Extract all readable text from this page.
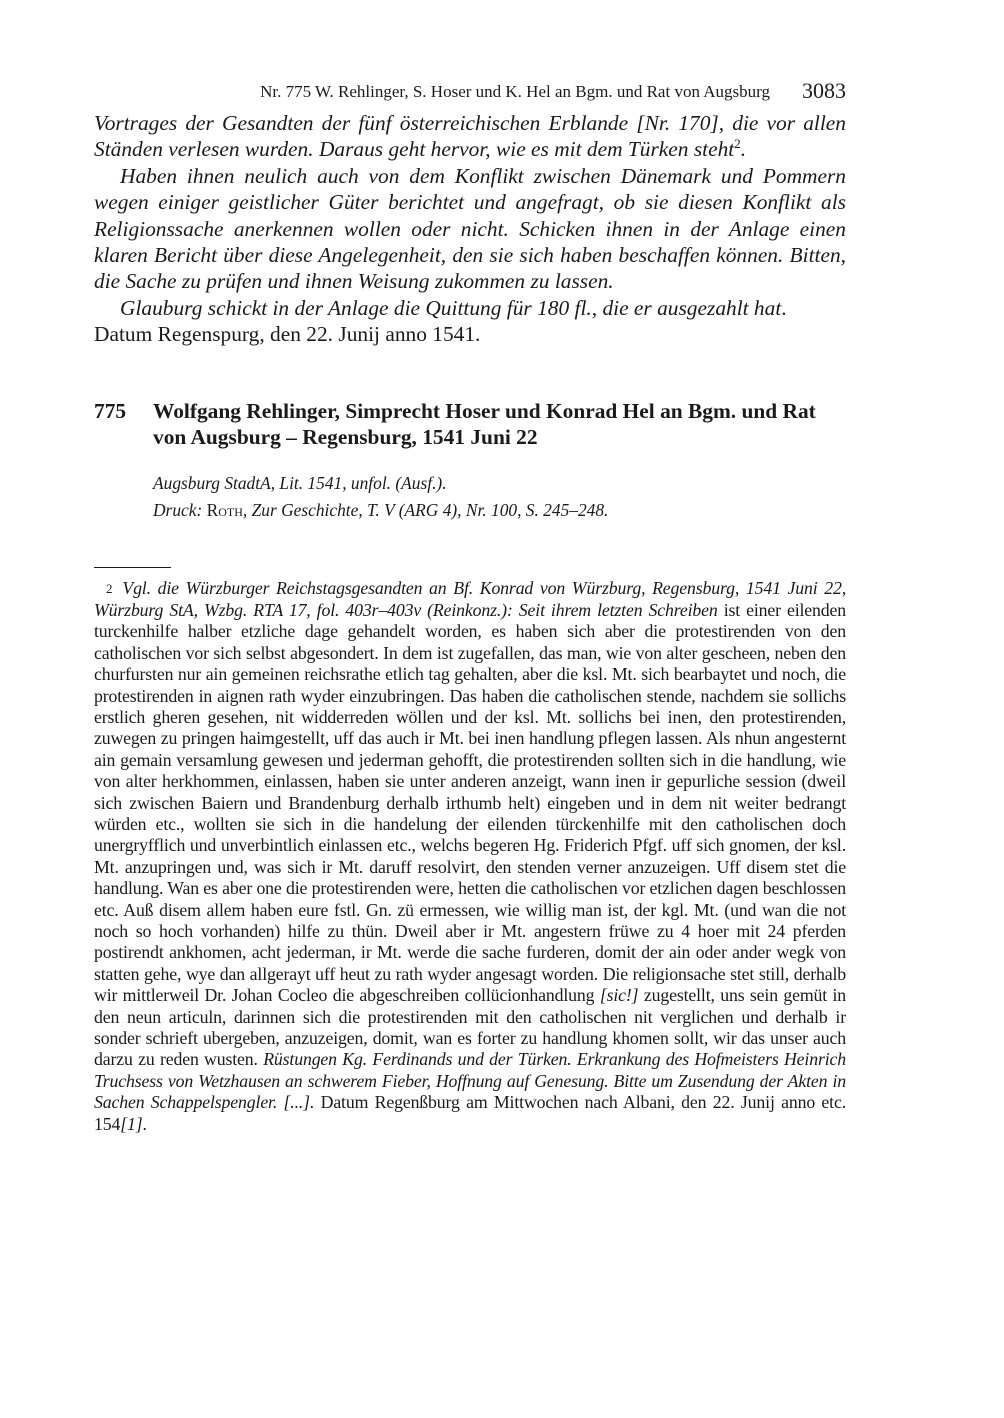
Nr. 775 W. Rehlinger, S. Hoser und K. Hel an Bgm. und Rat von Augsburg 3083

Vortrages der Gesandten der fünf österreichischen Erblande [Nr. 170], die vor allen Ständen verlesen wurden. Daraus geht hervor, wie es mit dem Türken steht$^2$.

Haben ihnen neulich auch von dem Konflikt zwischen Dänemark und Pommern wegen einiger geistlicher Güter berichtet und angefragt, ob sie diesen Konflikt als Religionssache anerkennen wollen oder nicht. Schicken ihnen in der Anlage einen klaren Bericht über diese Angelegenheit, den sie sich haben beschaffen können. Bitten, die Sache zu prüfen und ihnen Weisung zukommen zu lassen.

Glauburg schickt in der Anlage die Quittung für 180 fl., die er ausgezahlt hat.

Datum Regenspurg, den 22. Junij anno 1541.

775 Wolfgang Rehlinger, Simprecht Hoser und Konrad Hel an Bgm. und Rat von Augsburg – Regensburg, 1541 Juni 22
Augsburg StadtA, Lit. 1541, unfol. (Ausf.).
Druck: Roth, Zur Geschichte, T. V (ARG 4), Nr. 100, S. 245–248.
$^2$ Vgl. die Würzburger Reichstagsgesandten an Bf. Konrad von Würzburg, Regensburg, 1541 Juni 22, Würzburg StA, Wzbg. RTA 17, fol. 403r–403v (Reinkonz.): Seit ihrem letzten Schreiben ist einer eilenden turckenhilfe halber etzliche dage gehandelt worden, es haben sich aber die protestirenden von den catholischen vor sich selbst abgesondert. In dem ist zugefallen, das man, wie von alter gescheen, neben den churfursten nur ain gemeinen reichsrathe etlich tag gehalten, aber die ksl. Mt. sich bearbaytet und noch, die protestirenden in aignen rath wyder einzubringen. Das haben die catholischen stende, nachdem sie sollichs erstlich gheren gesehen, nit widderreden wöllen und der ksl. Mt. sollichs bei inen, den protestirenden, zuwegen zu pringen haimgestellt, uff das auch ir Mt. bei inen handlung pflegen lassen. Als nhun angesternt ain gemain versamlung gewesen und jederman gehofft, die protestirenden sollten sich in die handlung, wie von alter herkhommen, einlassen, haben sie unter anderen anzeigt, wann inen ir gepurliche session (dweil sich zwischen Baiern und Brandenburg derhalb irthumb helt) eingeben und in dem nit weiter bedrangt würden etc., wollten sie sich in die handelung der eilenden türckenhilfe mit den catholischen doch unergryfflich und unverbintlich einlassen etc., welchs begeren Hg. Friderich Pfgf. uff sich gnomen, der ksl. Mt. anzupringen und, was sich ir Mt. daruff resolvirt, den stenden verner anzuzeigen. Uff disem stet die handlung. Wan es aber one die protestirenden were, hetten die catholischen vor etzlichen dagen beschlossen etc. Auß disem allem haben eure fstl. Gn. zü ermessen, wie willig man ist, der kgl. Mt. (und wan die not noch so hoch vorhanden) hilfe zu thün. Dweil aber ir Mt. angestern früwe zu 4 hoer mit 24 pferden postirendt ankhomen, acht jederman, ir Mt. werde die sache furderen, domit der ain oder ander wegk von statten gehe, wye dan allgerayt uff heut zu rath wyder angesagt worden. Die religionsache stet still, derhalb wir mittlerweil Dr. Johan Cocleo die abgeschreiben collücionhandlung [sic!] zugestellt, uns sein gemüt in den neun articuln, darinnen sich die protestirenden mit den catholischen nit verglichen und derhalb ir sonder schrieft ubergeben, anzuzeigen, domit, wan es forter zu handlung khomen sollt, wir das unser auch darzu zu reden wusten. Rüstungen Kg. Ferdinands und der Türken. Erkrankung des Hofmeisters Heinrich Truchsess von Wetzhausen an schwerem Fieber, Hoffnung auf Genesung. Bitte um Zusendung der Akten in Sachen Schappelspengler. [...]. Datum Regenßburg am Mittwochen nach Albani, den 22. Junij anno etc. 154[1].
